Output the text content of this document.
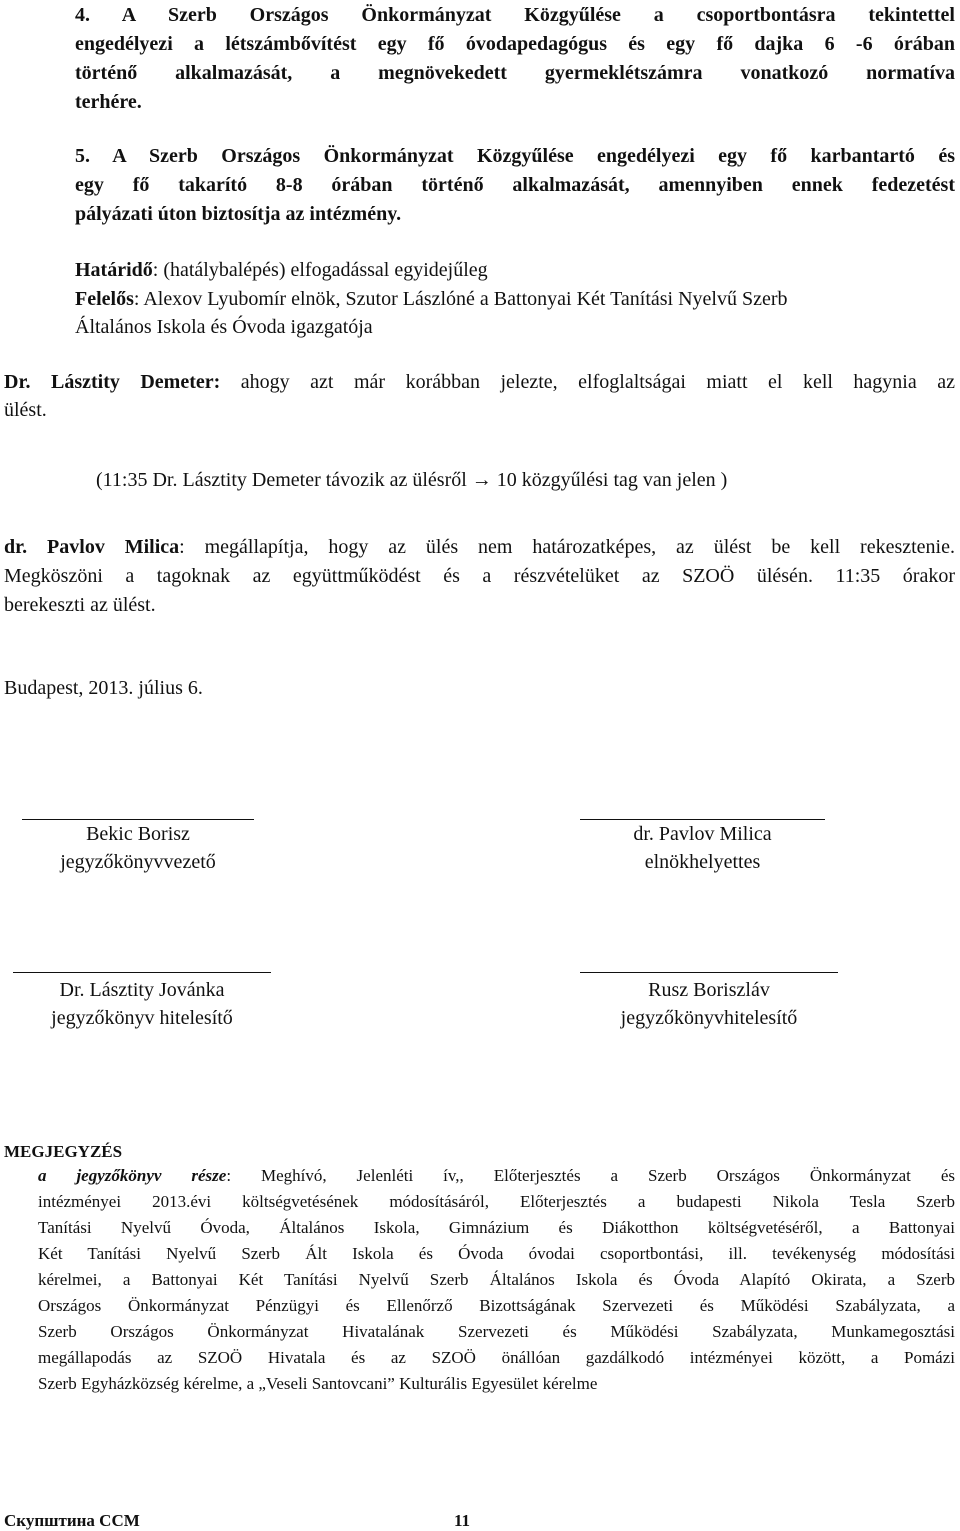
4. A Szerb Országos Önkormányzat Közgyűlése a csoportbontásra tekintettel
engedélyezi a létszámbővítést egy fő óvodapedagógus és egy fő dajka 6 -6 órában
történő alkalmazását, a megnövekedett gyermeklétszámra vonatkozó normatíva
terhére.
5. A Szerb Országos Önkormányzat Közgyűlése engedélyezi egy fő karbantartó és
egy fő takarító 8-8 órában történő alkalmazását, amennyiben ennek fedezetést
pályázati úton biztosítja az intézmény.
Határidő: (hatálybalépés) elfogadással egyidejűleg
Felelős: Alexov Lyubomír elnök, Szutor Lászlóné a Battonyai Két Tanítási Nyelvű Szerb
Általános Iskola és Óvoda igazgatója
Dr. Lásztity Demeter: ahogy azt már korábban jelezte, elfoglaltságai miatt el kell hagynia az
ülést.
(11:35 Dr. Lásztity Demeter távozik az ülésről → 10 közgyűlési tag van jelen )
dr. Pavlov Milica: megállapítja, hogy az ülés nem határozatképes, az ülést be kell rekesztenie.
Megköszöni a tagoknak az együttműködést és a részvételüket az SZOÖ ülésén. 11:35 órakor
berekeszti az ülést.
Budapest, 2013. július 6.
Bekic Borisz
jegyzőkönyvvezető
dr. Pavlov Milica
elnökhelyettes
Dr. Lásztity Jovánka
jegyzőkönyv hitelesítő
Rusz Boriszláv
jegyzőkönyvhitelesítő
MEGJEGYZÉS
a jegyzőkönyv része: Meghívó, Jelenléti ív,, Előterjesztés a Szerb Országos Önkormányzat és
intézményei 2013.évi költségvetésének módosításáról, Előterjesztés a budapesti Nikola Tesla Szerb
Tanítási Nyelvű Óvoda, Általános Iskola, Gimnázium és Diákotthon költségvetéséről, a Battonyai
Két Tanítási Nyelvű Szerb Ált Iskola és Óvoda óvodai csoportbontási, ill. tevékenység módosítási
kérelmei, a Battonyai Két Tanítási Nyelvű Szerb Általános Iskola és Óvoda Alapító Okirata, a Szerb
Országos Önkormányzat Pénzügyi és Ellenőrző Bizottságának Szervezeti és Működési Szabályzata, a
Szerb Országos Önkormányzat Hivatalának Szervezeti és Működési Szabályzata, Munkamegosztási
megállapodás az SZOÖ Hivatala és az SZOÖ önállóan gazdálkodó intézményei között, a Pomázi
Szerb Egyházközség kérelme, a „Veseli Santovcani” Kulturális Egyesület kérelme
Скупштина ССМ	11
